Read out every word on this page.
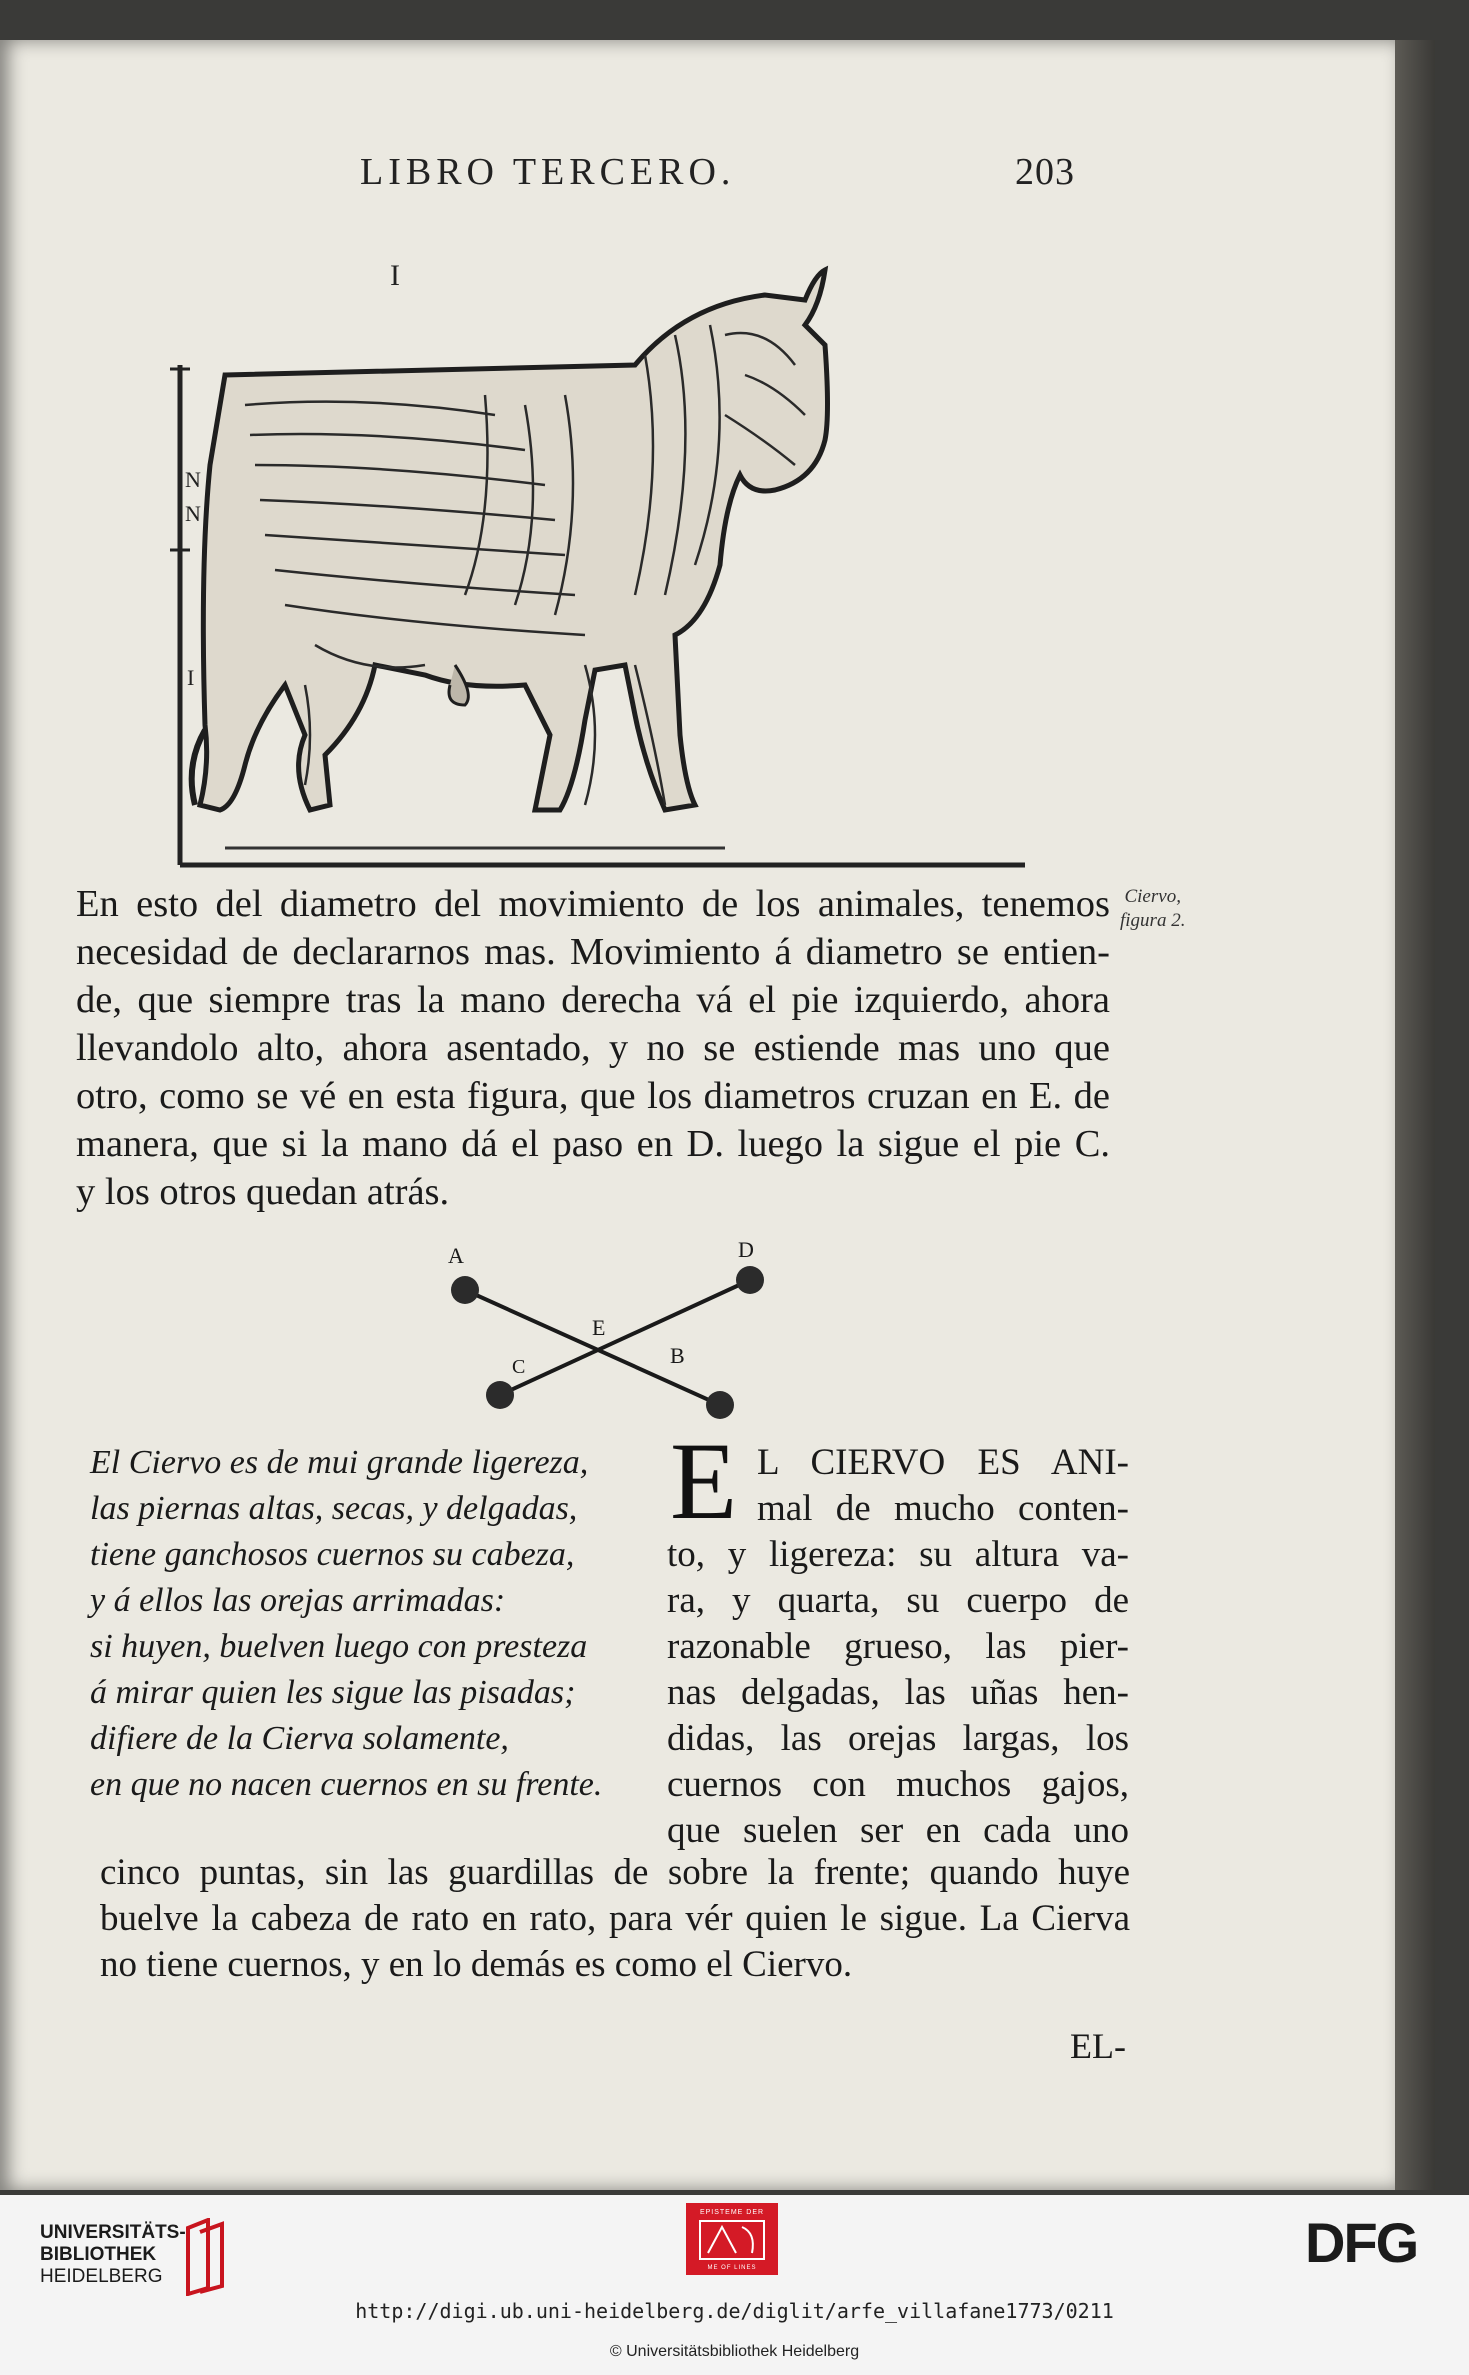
LIBRO TERCERO.	203
I
N
N
I
En esto del diametro del movimiento de los animales, tenemos
necesidad de declararnos mas. Movimiento á diametro se entien-
de, que siempre tras la mano derecha vá el pie izquierdo, ahora
llevandolo alto, ahora asentado, y no se estiende mas uno que
otro, como se vé en esta figura, que los diametros cruzan en E. de
manera, que si la mano dá el paso en D. luego la sigue el pie C.
y los otros quedan atrás.
Ciervo,
figura 2.
A	D
E
C	B
El Ciervo es de mui grande ligereza,
las piernas altas, secas, y delgadas,
tiene ganchosos cuernos su cabeza,
y á ellos las orejas arrimadas:
si huyen, buelven luego con presteza
á mirar quien les sigue las pisadas;
difiere de la Cierva solamente,
en que no nacen cuernos en su frente.
E L CIERVO ES ANI-
mal de mucho conten-
to, y ligereza: su altura va-
ra, y quarta, su cuerpo de
razonable grueso, las pier-
nas delgadas, las uñas hen-
didas, las orejas largas, los
cuernos con muchos gajos,
que suelen ser en cada uno
cinco puntas, sin las guardillas de sobre la frente; quando huye
buelve la cabeza de rato en rato, para vér quien le sigue. La Cierva
no tiene cuernos, y en lo demás es como el Ciervo.
EL-
UNIVERSITÄTS-
BIBLIOTHEK
HEIDELBERG
EPISTEME DER
ME OF LINES	DFG
http://digi.ub.uni-heidelberg.de/diglit/arfe_villafane1773/0211
© Universitätsbibliothek Heidelberg
